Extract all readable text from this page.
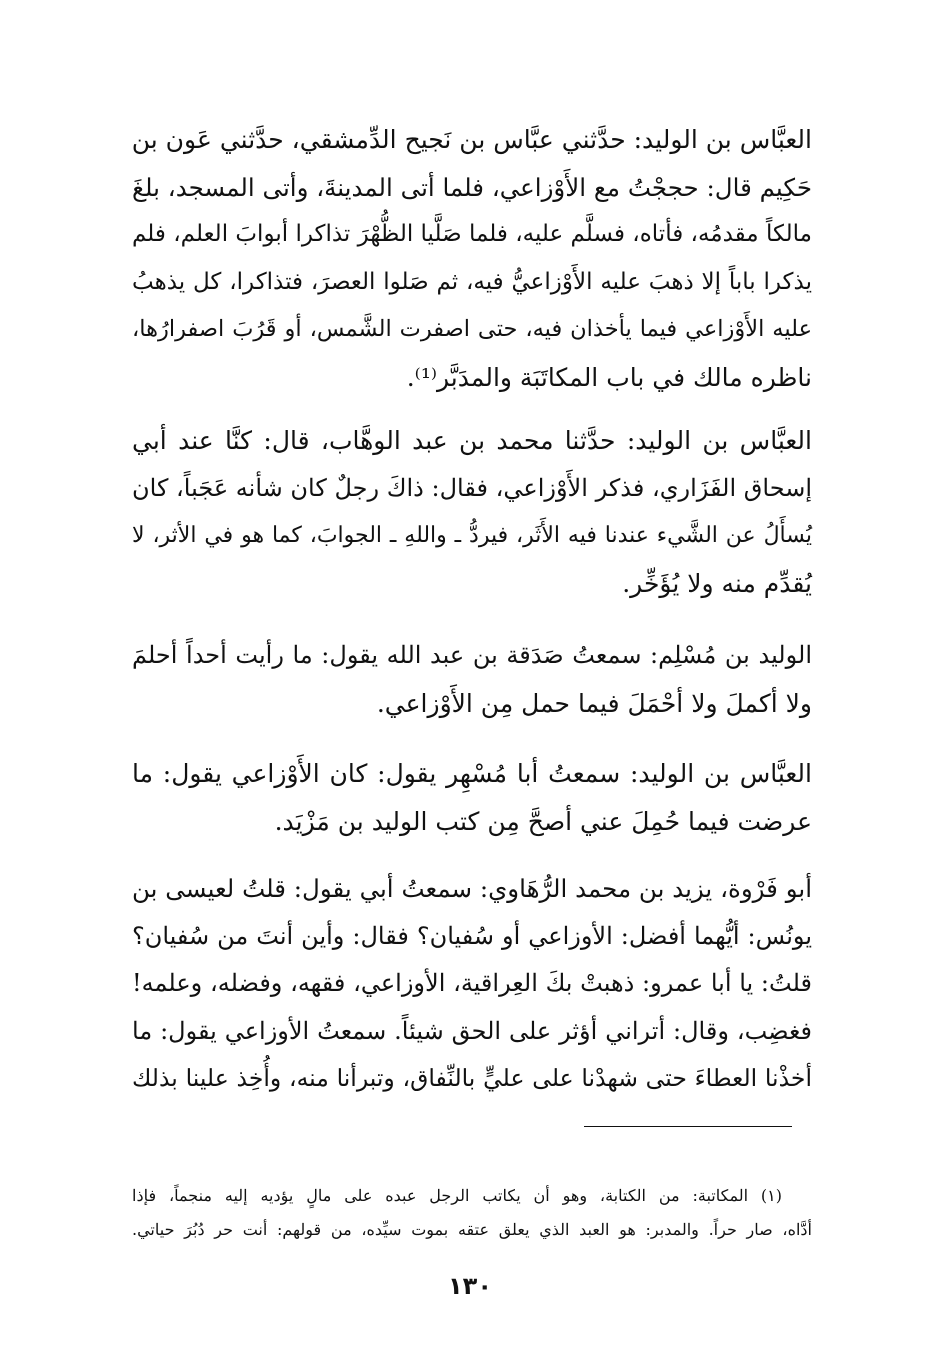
العبَّاس بن الوليد: حدَّثني عبَّاس بن نَجيح الدِّمشقي، حدَّثني عَون بن
حَكِيم قال: حججْتُ مع الأَوْزاعي، فلما أتى المدينةَ، وأتى المسجد، بلغَ
مالكاً مقدمُه، فأتاه، فسلَّم عليه، فلما صَلَّيا الظُّهْرَ تذاكرا أبوابَ العلم، فلم
يذكرا باباً إلا ذهبَ عليه الأَوْزاعيُّ فيه، ثم صَلوا العصرَ، فتذاكرا، كل يذهبُ
عليه الأَوْزاعي فيما يأخذان فيه، حتى اصفرت الشَّمس، أو قَرُبَ اصفرارُها،
ناظره مالك في باب المكاتَبَة والمدَبَّر⁽¹⁾.
العبَّاس بن الوليد: حدَّثنا محمد بن عبد الوهَّاب، قال: كنَّا عند أبي
إسحاق الفَزَاري، فذكر الأَوْزاعي، فقال: ذاكَ رجلٌ كان شأنه عَجَباً، كان
يُسأَلُ عن الشَّيء عندنا فيه الأَثَر، فيردُّ ـ واللهِ ـ الجوابَ، كما هو في الأثر، لا
يُقدِّم منه ولا يُؤَخِّر.
الوليد بن مُسْلِم: سمعتُ صَدَقة بن عبد الله يقول: ما رأيت أحداً أحلمَ
ولا أكملَ ولا أحْمَلَ فيما حمل مِن الأَوْزاعي.
العبَّاس بن الوليد: سمعتُ أبا مُسْهِر يقول: كان الأَوْزاعي يقول: ما
عرضت فيما حُمِلَ عني أصحَّ مِن كتب الوليد بن مَزْيَد.
أبو فَرْوة، يزيد بن محمد الرُّهَاوي: سمعتُ أبي يقول: قلتُ لعيسى بن
يونُس: أيُّهما أفضل: الأوزاعي أو سُفيان؟ فقال: وأين أنتَ من سُفيان؟
قلتُ: يا أبا عمرو: ذهبتْ بكَ العِراقية، الأوزاعي، فقهه، وفضله، وعلمه!
فغضِب، وقال: أتراني أؤثر على الحق شيئاً. سمعتُ الأوزاعي يقول: ما
أخذْنا العطاءَ حتى شهدْنا على عليٍّ بالنِّفاق، وتبرأنا منه، وأُخِذ علينا بذلك
(١) المكاتبة: من الكتابة، وهو أن يكاتب الرجل عبده على مالٍ يؤديه إليه منجماً، فإذا
أدَّاه، صار حراً. والمدبر: هو العبد الذي يعلق عتقه بموت سيِّده، من قولهم: أنت حر دُبُرَ حياتي.
١٣٠
